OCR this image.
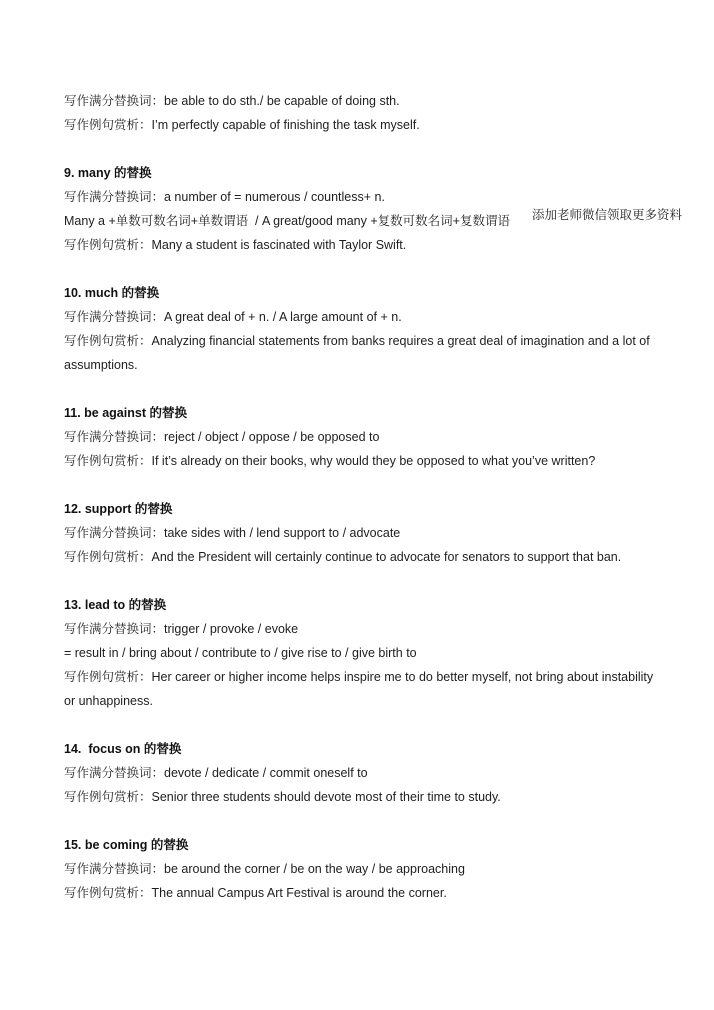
写作满分替换词：be able to do sth./ be capable of doing sth.
写作例句赏析：I’m perfectly capable of finishing the task myself.
9. many 的替换
写作满分替换词：a number of = numerous / countless+ n.
Many a +单数可数名词+单数谓语  / A great/good many +复数可数名词+复数谓语 添加老师微信领取更多资料
写作例句赏析：Many a student is fascinated with Taylor Swift.
10. much 的替换
写作满分替换词：A great deal of + n. / A large amount of + n.
写作例句赏析：Analyzing financial statements from banks requires a great deal of imagination and a lot of assumptions.
11. be against 的替换
写作满分替换词：reject / object / oppose / be opposed to
写作例句赏析：If it’s already on their books, why would they be opposed to what you’ve written?
12. support 的替换
写作满分替换词：take sides with / lend support to / advocate
写作例句赏析：And the President will certainly continue to advocate for senators to support that ban.
13. lead to 的替换
写作满分替换词：trigger / provoke / evoke
= result in / bring about / contribute to / give rise to / give birth to
写作例句赏析：Her career or higher income helps inspire me to do better myself, not bring about instability or unhappiness.
14.  focus on 的替换
写作满分替换词：devote / dedicate / commit oneself to
写作例句赏析：Senior three students should devote most of their time to study.
15. be coming 的替换
写作满分替换词：be around the corner / be on the way / be approaching
写作例句赏析：The annual Campus Art Festival is around the corner.
